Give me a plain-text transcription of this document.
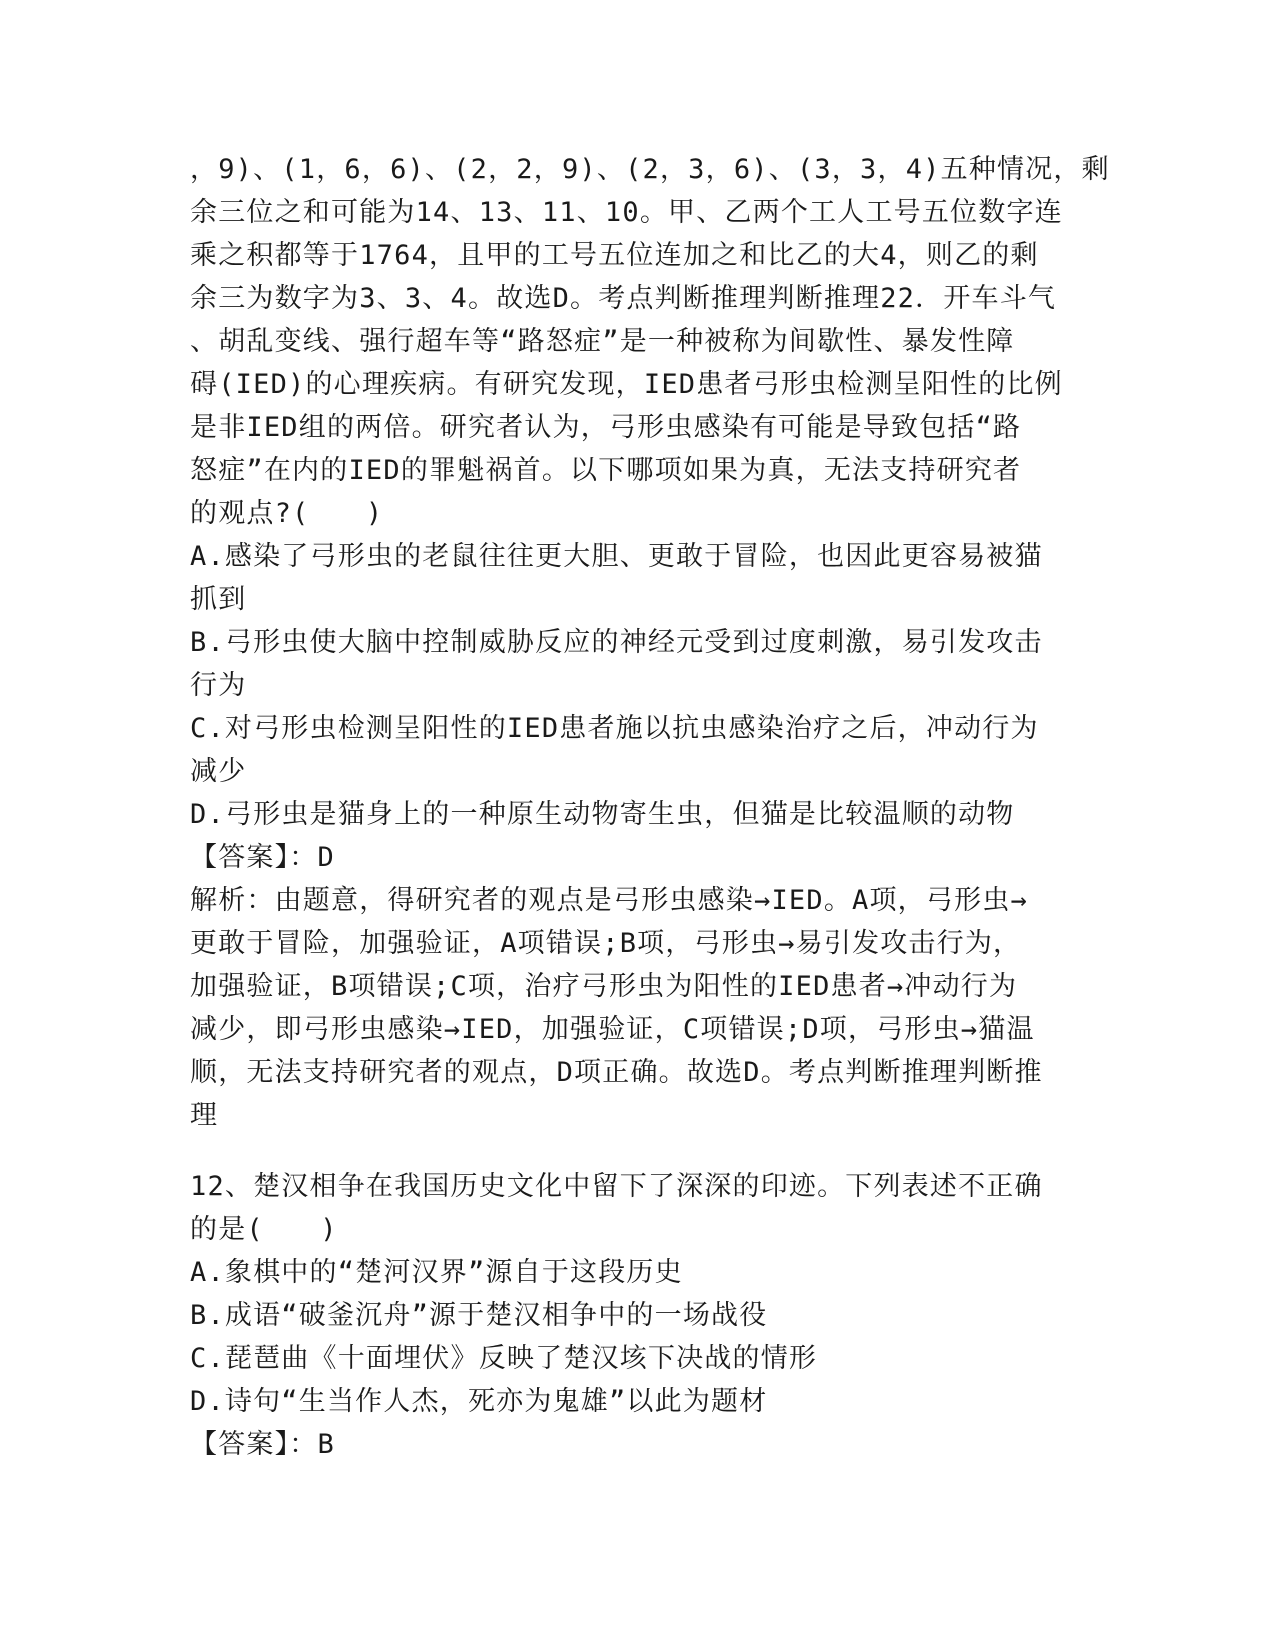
，9)、(1，6，6)、(2，2，9)、(2，3，6)、(3，3，4)五种情况，剩
余三位之和可能为14、13、11、10。甲、乙两个工人工号五位数字连
乘之积都等于1764，且甲的工号五位连加之和比乙的大4，则乙的剩
余三为数字为3、3、4。故选D。考点判断推理判断推理22．开车斗气
、胡乱变线、强行超车等“路怒症”是一种被称为间歇性、暴发性障
碍(IED)的心理疾病。有研究发现，IED患者弓形虫检测呈阳性的比例
是非IED组的两倍。研究者认为，弓形虫感染有可能是导致包括“路
怒症”在内的IED的罪魁祸首。以下哪项如果为真，无法支持研究者
的观点?(　　)
A.感染了弓形虫的老鼠往往更大胆、更敢于冒险，也因此更容易被猫
抓到
B.弓形虫使大脑中控制威胁反应的神经元受到过度刺激，易引发攻击
行为
C.对弓形虫检测呈阳性的IED患者施以抗虫感染治疗之后，冲动行为
减少
D.弓形虫是猫身上的一种原生动物寄生虫，但猫是比较温顺的动物
【答案】：D
解析：由题意，得研究者的观点是弓形虫感染→IED。A项，弓形虫→
更敢于冒险，加强验证，A项错误;B项，弓形虫→易引发攻击行为，
加强验证，B项错误;C项，治疗弓形虫为阳性的IED患者→冲动行为
减少，即弓形虫感染→IED，加强验证，C项错误;D项，弓形虫→猫温
顺，无法支持研究者的观点，D项正确。故选D。考点判断推理判断推
理
12、楚汉相争在我国历史文化中留下了深深的印迹。下列表述不正确
的是(　　)
A.象棋中的“楚河汉界”源自于这段历史
B.成语“破釜沉舟”源于楚汉相争中的一场战役
C.琵琶曲《十面埋伏》反映了楚汉垓下决战的情形
D.诗句“生当作人杰，死亦为鬼雄”以此为题材
【答案】：B
